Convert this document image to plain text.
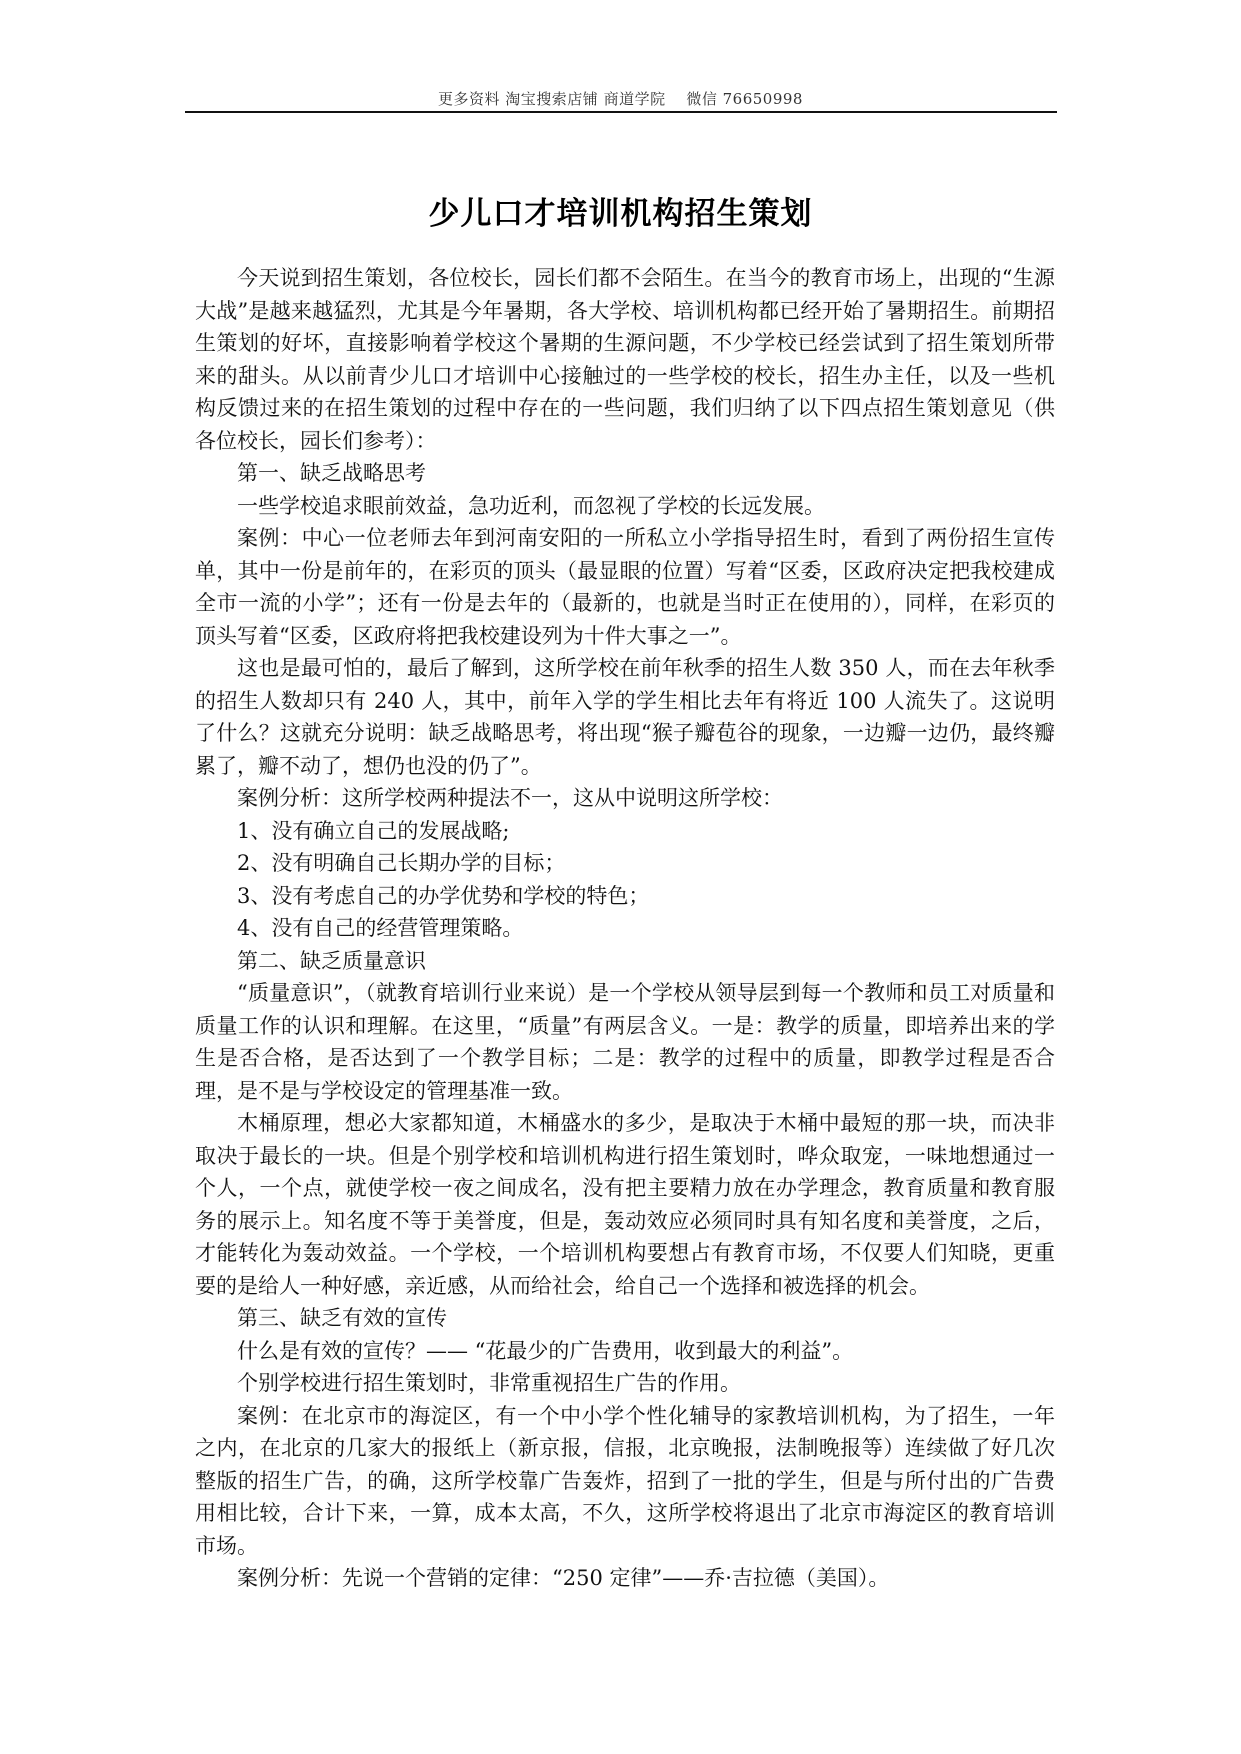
更多资料 淘宝搜索店铺 商道学院　 微信 76650998
少儿口才培训机构招生策划

今天说到招生策划，各位校长，园长们都不会陌生。在当今的教育市场上，出现的“生源大战”是越来越猛烈，尤其是今年暑期，各大学校、培训机构都已经开始了暑期招生。前期招生策划的好坏，直接影响着学校这个暑期的生源问题，不少学校已经尝试到了招生策划所带来的甜头。从以前青少儿口才培训中心接触过的一些学校的校长，招生办主任，以及一些机构反馈过来的在招生策划的过程中存在的一些问题，我们归纳了以下四点招生策划意见（供各位校长，园长们参考）：

第一、缺乏战略思考

一些学校追求眼前效益，急功近利，而忽视了学校的长远发展。

案例：中心一位老师去年到河南安阳的一所私立小学指导招生时，看到了两份招生宣传单，其中一份是前年的，在彩页的顶头（最显眼的位置）写着“区委，区政府决定把我校建成全市一流的小学”；还有一份是去年的（最新的，也就是当时正在使用的），同样，在彩页的顶头写着“区委，区政府将把我校建设列为十件大事之一”。

这也是最可怕的，最后了解到，这所学校在前年秋季的招生人数 350 人，而在去年秋季的招生人数却只有 240 人，其中，前年入学的学生相比去年有将近 100 人流失了。这说明了什么？这就充分说明：缺乏战略思考，将出现“猴子瓣苞谷的现象，一边瓣一边仍，最终瓣累了，瓣不动了，想仍也没的仍了”。

案例分析：这所学校两种提法不一，这从中说明这所学校：

1、没有确立自己的发展战略;

2、没有明确自己长期办学的目标；

3、没有考虑自己的办学优势和学校的特色；

4、没有自己的经营管理策略。

第二、缺乏质量意识

“质量意识”，（就教育培训行业来说）是一个学校从领导层到每一个教师和员工对质量和质量工作的认识和理解。在这里，“质量”有两层含义。一是：教学的质量，即培养出来的学生是否合格，是否达到了一个教学目标；二是：教学的过程中的质量，即教学过程是否合理，是不是与学校设定的管理基准一致。

木桶原理，想必大家都知道，木桶盛水的多少，是取决于木桶中最短的那一块，而决非取决于最长的一块。但是个别学校和培训机构进行招生策划时，哗众取宠，一味地想通过一个人，一个点，就使学校一夜之间成名，没有把主要精力放在办学理念，教育质量和教育服务的展示上。知名度不等于美誉度，但是，轰动效应必须同时具有知名度和美誉度，之后，才能转化为轰动效益。一个学校，一个培训机构要想占有教育市场，不仅要人们知晓，更重要的是给人一种好感，亲近感，从而给社会，给自己一个选择和被选择的机会。

第三、缺乏有效的宣传

什么是有效的宣传？—— “花最少的广告费用，收到最大的利益”。

个别学校进行招生策划时，非常重视招生广告的作用。

案例：在北京市的海淀区，有一个中小学个性化辅导的家教培训机构，为了招生，一年之内，在北京的几家大的报纸上（新京报，信报，北京晚报，法制晚报等）连续做了好几次整版的招生广告，的确，这所学校靠广告轰炸，招到了一批的学生，但是与所付出的广告费用相比较，合计下来，一算，成本太高，不久，这所学校将退出了北京市海淀区的教育培训市场。

案例分析：先说一个营销的定律：“250 定律”——乔·吉拉德（美国）。
